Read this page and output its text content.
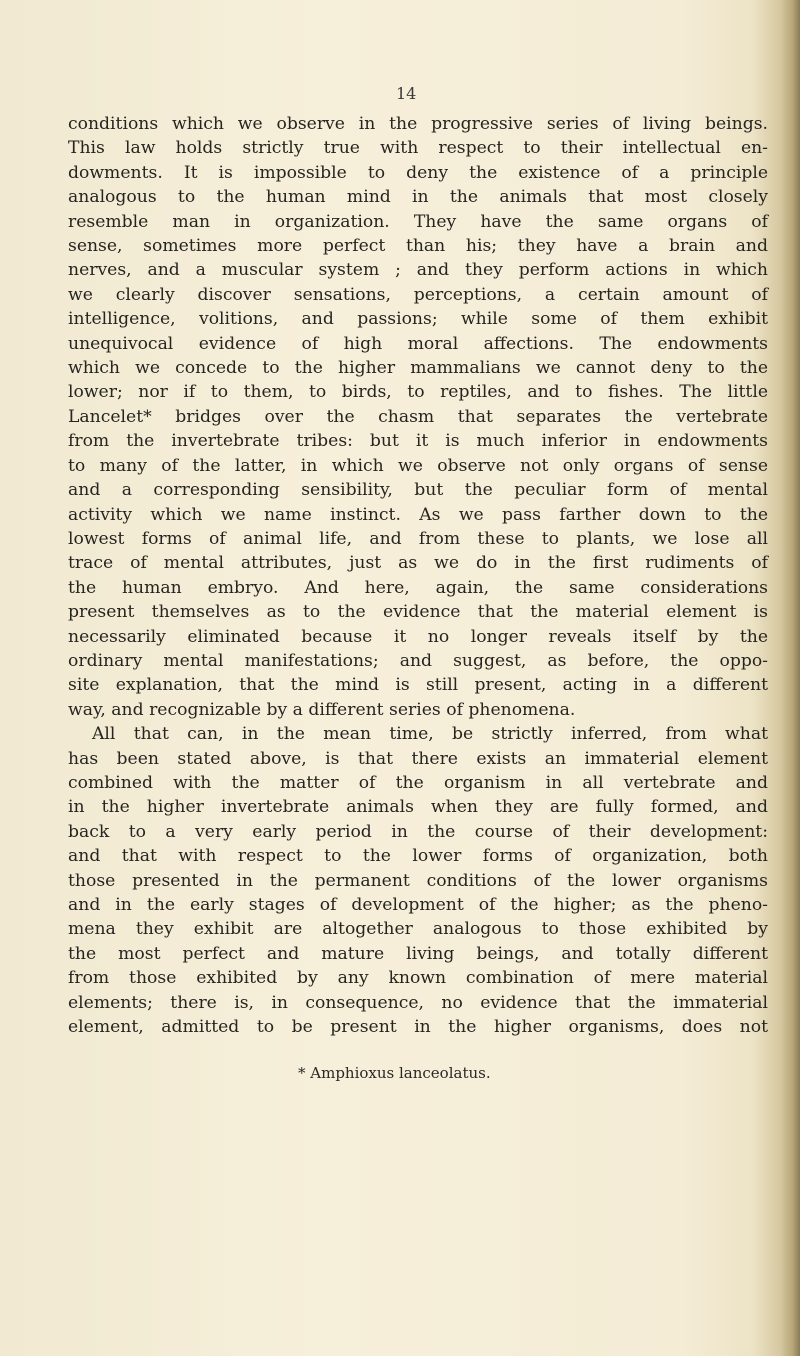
14

conditions which we observe in the progressive series of living beings.
This law holds strictly true with respect to their intellectual en-
dowments. It is impossible to deny the existence of a principle
analogous to the human mind in the animals that most closely
resemble man in organization. They have the same organs of
sense, sometimes more perfect than his; they have a brain and
nerves, and a muscular system ; and they perform actions in which
we clearly discover sensations, perceptions, a certain amount of
intelligence, volitions, and passions; while some of them exhibit
unequivocal evidence of high moral affections. The endowments
which we concede to the higher mammalians we cannot deny to the
lower; nor if to them, to birds, to reptiles, and to fishes. The little
Lancelet* bridges over the chasm that separates the vertebrate
from the invertebrate tribes: but it is much inferior in endowments
to many of the latter, in which we observe not only organs of sense
and a corresponding sensibility, but the peculiar form of mental
activity which we name instinct. As we pass farther down to the
lowest forms of animal life, and from these to plants, we lose all
trace of mental attributes, just as we do in the first rudiments of
the human embryo. And here, again, the same considerations
present themselves as to the evidence that the material element is
necessarily eliminated because it no longer reveals itself by the
ordinary mental manifestations; and suggest, as before, the oppo-
site explanation, that the mind is still present, acting in a different
way, and recognizable by a different series of phenomena.
All that can, in the mean time, be strictly inferred, from what
has been stated above, is that there exists an immaterial element
combined with the matter of the organism in all vertebrate and
in the higher invertebrate animals when they are fully formed, and
back to a very early period in the course of their development:
and that with respect to the lower forms of organization, both
those presented in the permanent conditions of the lower organisms
and in the early stages of development of the higher; as the pheno-
mena they exhibit are altogether analogous to those exhibited by
the most perfect and mature living beings, and totally different
from those exhibited by any known combination of mere material
elements; there is, in consequence, no evidence that the immaterial
element, admitted to be present in the higher organisms, does not

* Amphioxus lanceolatus.
